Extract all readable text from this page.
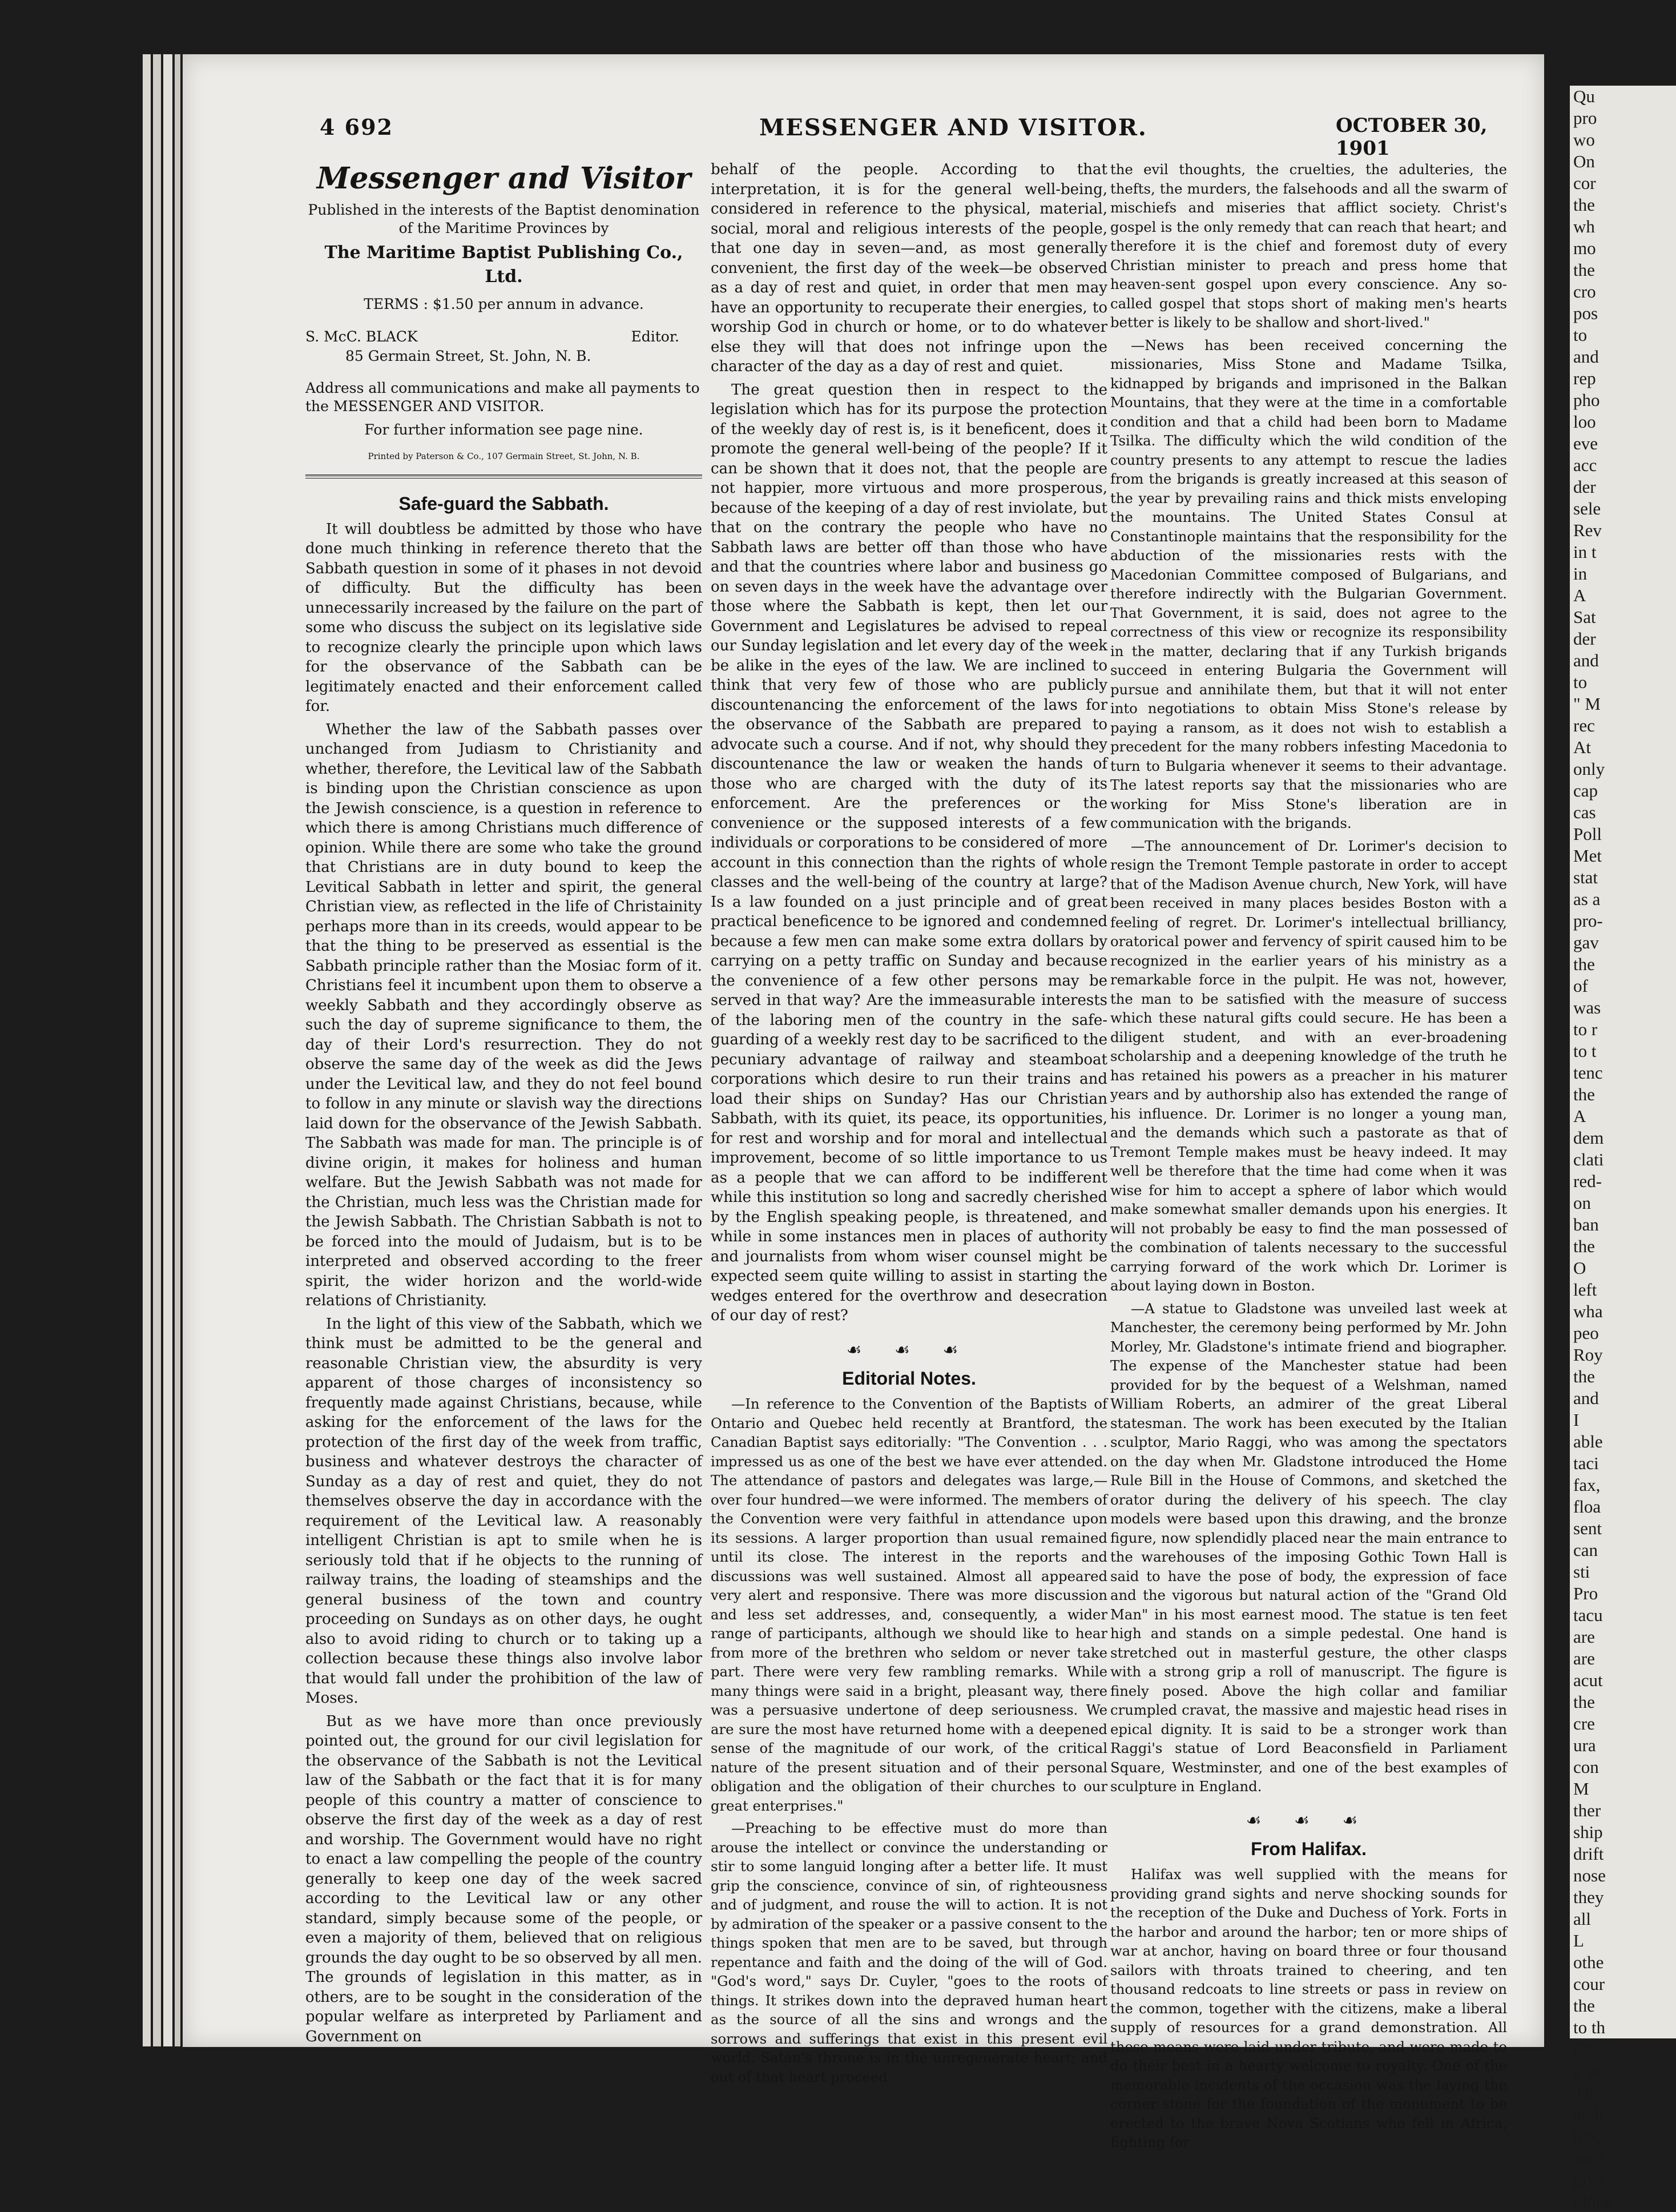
4 692	MESSENGER AND VISITOR.	OCTOBER 30, 1901
Messenger and Visitor
Published in the interests of the Baptist denomination of the Maritime Provinces by
The Maritime Baptist Publishing Co., Ltd.
TERMS : $1.50 per annum in advance.
S. McC. BLACK	Editor.
85 Germain Street, St. John, N. B.
Address all communications and make all payments to the MESSENGER AND VISITOR.
For further information see page nine.
Printed by Paterson & Co., 107 Germain Street, St. John, N. B.
Safe-guard the Sabbath.

It will doubtless be admitted by those who have done much thinking in reference thereto that the Sabbath question in some of it phases in not devoid of difficulty. But the difficulty has been unnecessarily increased by the failure on the part of some who discuss the subject on its legislative side to recognize clearly the principle upon which laws for the observance of the Sabbath can be legitimately enacted and their enforcement called for.

Whether the law of the Sabbath passes over unchanged from Judiasm to Christianity and whether, therefore, the Levitical law of the Sabbath is binding upon the Christian conscience as upon the Jewish conscience, is a question in reference to which there is among Christians much difference of opinion. While there are some who take the ground that Christians are in duty bound to keep the Levitical Sabbath in letter and spirit, the general Christian view, as reflected in the life of Christainity perhaps more than in its creeds, would appear to be that the thing to be preserved as essential is the Sabbath principle rather than the Mosiac form of it. Christians feel it incumbent upon them to observe a weekly Sabbath and they accordingly observe as such the day of supreme significance to them, the day of their Lord's resurrection. They do not observe the same day of the week as did the Jews under the Levitical law, and they do not feel bound to follow in any minute or slavish way the directions laid down for the observance of the Jewish Sabbath. The Sabbath was made for man. The principle is of divine origin, it makes for holiness and human welfare. But the Jewish Sabbath was not made for the Christian, much less was the Christian made for the Jewish Sabbath. The Christian Sabbath is not to be forced into the mould of Judaism, but is to be interpreted and observed according to the freer spirit, the wider horizon and the world-wide relations of Christianity.

In the light of this view of the Sabbath, which we think must be admitted to be the general and reasonable Christian view, the absurdity is very apparent of those charges of inconsistency so frequently made against Christians, because, while asking for the enforcement of the laws for the protection of the first day of the week from traffic, business and whatever destroys the character of Sunday as a day of rest and quiet, they do not themselves observe the day in accordance with the requirement of the Levitical law. A reasonably intelligent Christian is apt to smile when he is seriously told that if he objects to the running of railway trains, the loading of steamships and the general business of the town and country proceeding on Sundays as on other days, he ought also to avoid riding to church or to taking up a collection because these things also involve labor that would fall under the prohibition of the law of Moses.

But as we have more than once previously pointed out, the ground for our civil legislation for the observance of the Sabbath is not the Levitical law of the Sabbath or the fact that it is for many people of this country a matter of conscience to observe the first day of the week as a day of rest and worship. The Government would have no right to enact a law compelling the people of the country generally to keep one day of the week sacred according to the Levitical law or any other standard, simply because some of the people, or even a majority of them, believed that on religious grounds the day ought to be so observed by all men. The grounds of legislation in this matter, as in others, are to be sought in the consideration of the popular welfare as interpreted by Parliament and Government on

behalf of the people. According to that interpretation, it is for the general well-being, considered in reference to the physical, material, social, moral and religious interests of the people, that one day in seven—and, as most generally convenient, the first day of the week—be observed as a day of rest and quiet, in order that men may have an opportunity to recuperate their energies, to worship God in church or home, or to do whatever else they will that does not infringe upon the character of the day as a day of rest and quiet.

The great question then in respect to the legislation which has for its purpose the protection of the weekly day of rest is, is it beneficent, does it promote the general well-being of the people? If it can be shown that it does not, that the people are not happier, more virtuous and more prosperous, because of the keeping of a day of rest inviolate, but that on the contrary the people who have no Sabbath laws are better off than those who have and that the countries where labor and business go on seven days in the week have the advantage over those where the Sabbath is kept, then let our Government and Legislatures be advised to repeal our Sunday legislation and let every day of the week be alike in the eyes of the law. We are inclined to think that very few of those who are publicly discountenancing the enforcement of the laws for the observance of the Sabbath are prepared to advocate such a course. And if not, why should they discountenance the law or weaken the hands of those who are charged with the duty of its enforcement. Are the preferences or the convenience or the supposed interests of a few individuals or corporations to be considered of more account in this connection than the rights of whole classes and the well-being of the country at large? Is a law founded on a just principle and of great practical beneficence to be ignored and condemned because a few men can make some extra dollars by carrying on a petty traffic on Sunday and because the convenience of a few other persons may be served in that way? Are the immeasurable interests of the laboring men of the country in the safe-guarding of a weekly rest day to be sacrificed to the pecuniary advantage of railway and steamboat corporations which desire to run their trains and load their ships on Sunday? Has our Christian Sabbath, with its quiet, its peace, its opportunities, for rest and worship and for moral and intellectual improvement, become of so little importance to us as a people that we can afford to be indifferent while this institution so long and sacredly cherished by the English speaking people, is threatened, and while in some instances men in places of authority and journalists from whom wiser counsel might be expected seem quite willing to assist in starting the wedges entered for the overthrow and desecration of our day of rest?

☙ ☙ ☙
Editorial Notes.

—In reference to the Convention of the Baptists of Ontario and Quebec held recently at Brantford, the Canadian Baptist says editorially: "The Convention . . . impressed us as one of the best we have ever attended. The attendance of pastors and delegates was large,—over four hundred—we were informed. The members of the Convention were very faithful in attendance upon its sessions. A larger proportion than usual remained until its close. The interest in the reports and discussions was well sustained. Almost all appeared very alert and responsive. There was more discussion and less set addresses, and, consequently, a wider range of participants, although we should like to hear from more of the brethren who seldom or never take part. There were very few rambling remarks. While many things were said in a bright, pleasant way, there was a persuasive undertone of deep seriousness. We are sure the most have returned home with a deepened sense of the magnitude of our work, of the critical nature of the present situation and of their personal obligation and the obligation of their churches to our great enterprises."

—Preaching to be effective must do more than arouse the intellect or convince the understanding or stir to some languid longing after a better life. It must grip the conscience, convince of sin, of righteousness and of judgment, and rouse the will to action. It is not by admiration of the speaker or a passive consent to the things spoken that men are to be saved, but through repentance and faith and the doing of the will of God. "God's word," says Dr. Cuyler, "goes to the roots of things. It strikes down into the depraved human heart as the source of all the sins and wrongs and the sorrows and sufferings that exist in this present evil world. Satan's throne is in the unregenerate heart; and out of that heart proceed

the evil thoughts, the cruelties, the adulteries, the thefts, the murders, the falsehoods and all the swarm of mischiefs and miseries that afflict society. Christ's gospel is the only remedy that can reach that heart; and therefore it is the chief and foremost duty of every Christian minister to preach and press home that heaven-sent gospel upon every conscience. Any so-called gospel that stops short of making men's hearts better is likely to be shallow and short-lived."

—News has been received concerning the missionaries, Miss Stone and Madame Tsilka, kidnapped by brigands and imprisoned in the Balkan Mountains, that they were at the time in a comfortable condition and that a child had been born to Madame Tsilka. The difficulty which the wild condition of the country presents to any attempt to rescue the ladies from the brigands is greatly increased at this season of the year by prevailing rains and thick mists enveloping the mountains. The United States Consul at Constantinople maintains that the responsibility for the abduction of the missionaries rests with the Macedonian Committee composed of Bulgarians, and therefore indirectly with the Bulgarian Government. That Government, it is said, does not agree to the correctness of this view or recognize its responsibility in the matter, declaring that if any Turkish brigands succeed in entering Bulgaria the Government will pursue and annihilate them, but that it will not enter into negotiations to obtain Miss Stone's release by paying a ransom, as it does not wish to establish a precedent for the many robbers infesting Macedonia to turn to Bulgaria whenever it seems to their advantage. The latest reports say that the missionaries who are working for Miss Stone's liberation are in communication with the brigands.

—The announcement of Dr. Lorimer's decision to resign the Tremont Temple pastorate in order to accept that of the Madison Avenue church, New York, will have been received in many places besides Boston with a feeling of regret. Dr. Lorimer's intellectual brilliancy, oratorical power and fervency of spirit caused him to be recognized in the earlier years of his ministry as a remarkable force in the pulpit. He was not, however, the man to be satisfied with the measure of success which these natural gifts could secure. He has been a diligent student, and with an ever-broadening scholarship and a deepening knowledge of the truth he has retained his powers as a preacher in his maturer years and by authorship also has extended the range of his influence. Dr. Lorimer is no longer a young man, and the demands which such a pastorate as that of Tremont Temple makes must be heavy indeed. It may well be therefore that the time had come when it was wise for him to accept a sphere of labor which would make somewhat smaller demands upon his energies. It will not probably be easy to find the man possessed of the combination of talents necessary to the successful carrying forward of the work which Dr. Lorimer is about laying down in Boston.

—A statue to Gladstone was unveiled last week at Manchester, the ceremony being performed by Mr. John Morley, Mr. Gladstone's intimate friend and biographer. The expense of the Manchester statue had been provided for by the bequest of a Welshman, named William Roberts, an admirer of the great Liberal statesman. The work has been executed by the Italian sculptor, Mario Raggi, who was among the spectators on the day when Mr. Gladstone introduced the Home Rule Bill in the House of Commons, and sketched the orator during the delivery of his speech. The clay models were based upon this drawing, and the bronze figure, now splendidly placed near the main entrance to the warehouses of the imposing Gothic Town Hall is said to have the pose of body, the expression of face and the vigorous but natural action of the "Grand Old Man" in his most earnest mood. The statue is ten feet high and stands on a simple pedestal. One hand is stretched out in masterful gesture, the other clasps with a strong grip a roll of manuscript. The figure is finely posed. Above the high collar and familiar crumpled cravat, the massive and majestic head rises in epical dignity. It is said to be a stronger work than Raggi's statue of Lord Beaconsfield in Parliament Square, Westminster, and one of the best examples of sculpture in England.

☙ ☙ ☙
From Halifax.

Halifax was well supplied with the means for providing grand sights and nerve shocking sounds for the reception of the Duke and Duchess of York. Forts in the harbor and around the harbor; ten or more ships of war at anchor, having on board three or four thousand sailors with throats trained to cheering, and ten thousand redcoats to line streets or pass in review on the common, together with the citizens, make a liberal supply of resources for a grand demonstration. All these means were laid under tribute, and were made to do their best in a hearty welcome to royalty. One of the memorable incidents of the occasion was the laying the corner stone for the foundation of the monument to be erected to the brave Nova Scotians who fell in Africa, fighting for

Qu
pro
wo
On
cor
the
wh
mo
the
cro
pos
to
and
rep
pho
loo
eve
acc
der
sele
Rev
in t
in
A
Sat
der
and
to
" M
rec
At
only
cap
cas
Poll
Met
stat
as a
pro-
gav
the
of
was
to r
to t
tenc
the
A
dem
clati
red-
on
ban
the
O
left
wha
peo
Roy
the
and
I
able
taci
fax,
floa
sent
can
sti
Pro
tacu
are
are
acut
the
cre
ura
con
M
ther
ship
drift
nose
they
all
L
othe
cour
the
to th
Or
a so
The
audi
ton,
ance
give
globe
